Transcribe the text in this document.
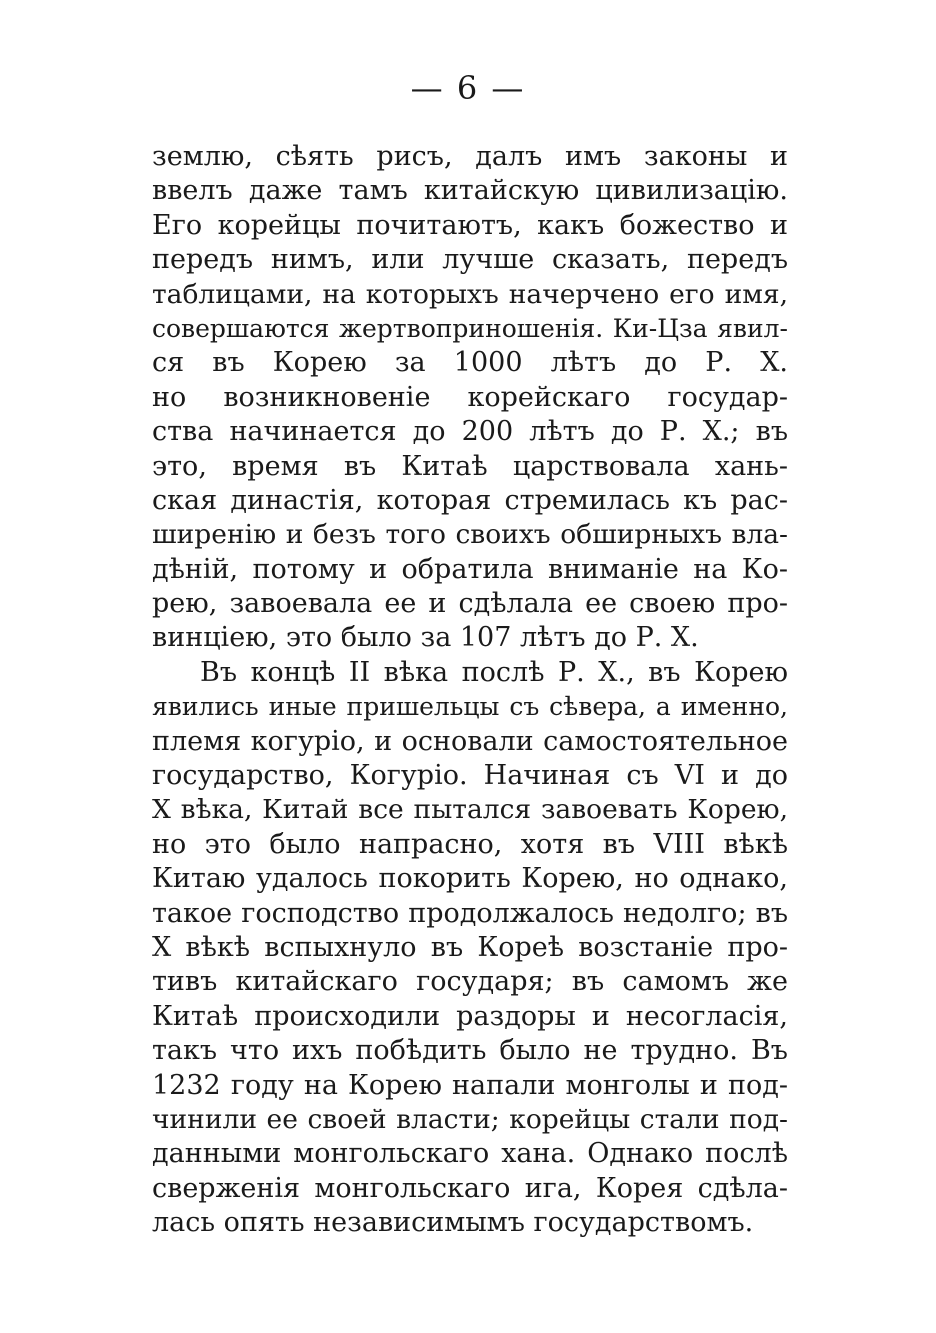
— 6 —
землю, сѣять рисъ, далъ имъ законы и
ввелъ даже тамъ китайскую цивилизацію.
Его корейцы почитаютъ, какъ божество и
передъ нимъ, или лучше сказать, передъ
таблицами, на которыхъ начерчено его имя,
совершаются жертвоприношенія. Ки-Цза явил-
ся въ Корею за 1000 лѣтъ до Р. Х.
но возникновеніе корейскаго государ-
ства начинается до 200 лѣтъ до Р. Х.; въ
это, время въ Китаѣ царствовала хань-
ская династія, которая стремилась къ рас-
ширенію и безъ того своихъ обширныхъ вла-
дѣній, потому и обратила вниманіе на Ко-
рею, завоевала ее и сдѣлала ее своею про-
винціею, это было за 107 лѣтъ до Р. Х.
Въ концѣ II вѣка послѣ Р. Х., въ Корею
явились иные пришельцы съ сѣвера, а именно,
племя когуріо, и основали самостоятельное
государство, Когуріо. Начиная съ VI и до
X вѣка, Китай все пытался завоевать Корею,
но это было напрасно, хотя въ VIII вѣкѣ
Китаю удалось покорить Корею, но однако,
такое господство продолжалось недолго; въ
X вѣкѣ вспыхнуло въ Кореѣ возстаніе про-
тивъ китайскаго государя; въ самомъ же
Китаѣ происходили раздоры и несогласія,
такъ что ихъ побѣдить было не трудно. Въ
1232 году на Корею напали монголы и под-
чинили ее своей власти; корейцы стали под-
данными монгольскаго хана. Однако послѣ
сверженія монгольскаго ига, Корея сдѣла-
лась опять независимымъ государствомъ.
